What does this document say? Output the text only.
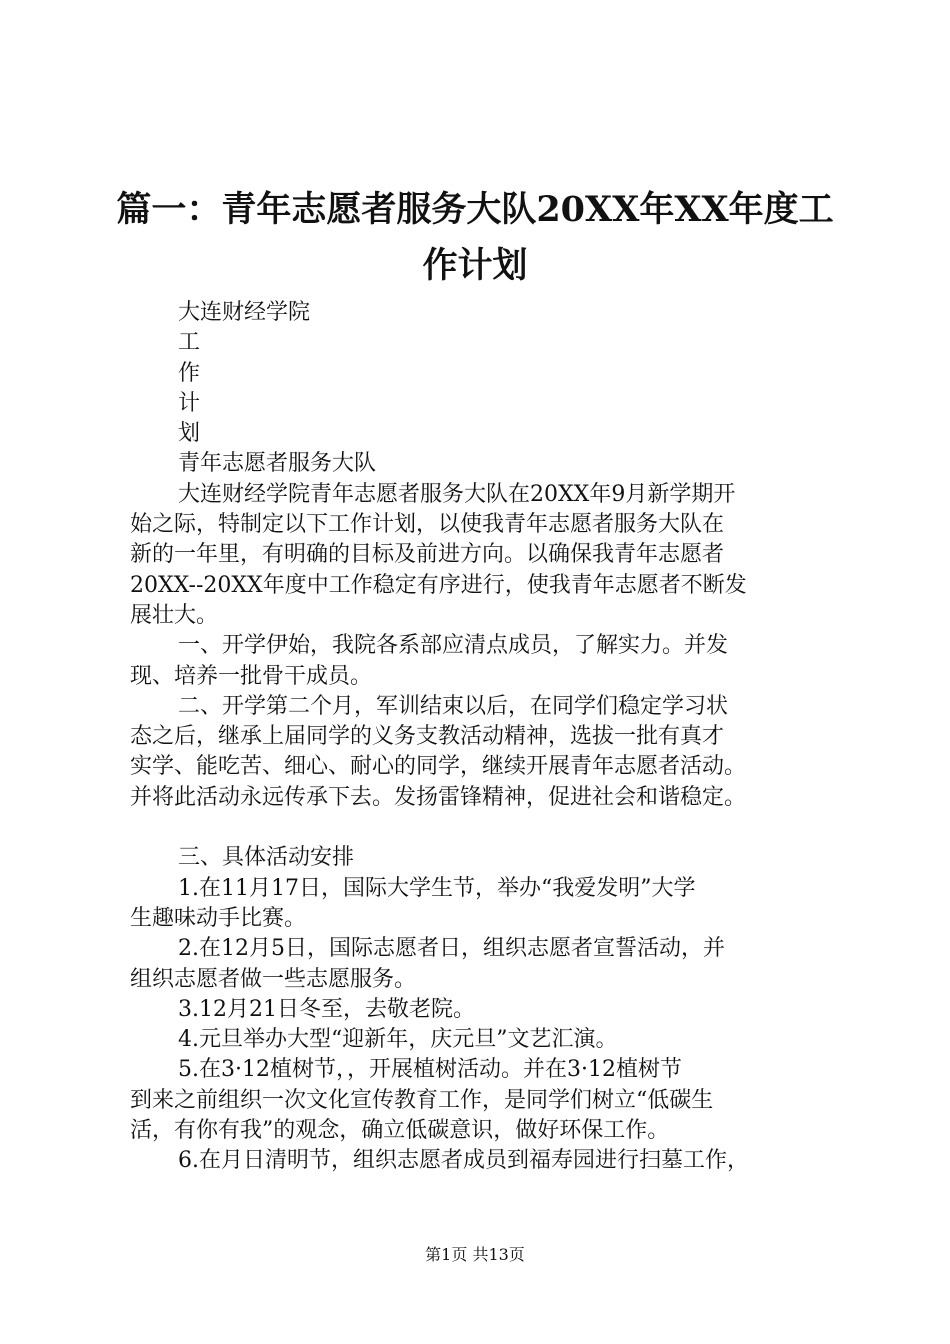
篇一：青年志愿者服务大队20XX年XX年度工
作计划
大连财经学院
工
作
计
划
青年志愿者服务大队
大连财经学院青年志愿者服务大队在20XX年9月新学期开
始之际，特制定以下工作计划，以使我青年志愿者服务大队在
新的一年里，有明确的目标及前进方向。以确保我青年志愿者
20XX--20XX年度中工作稳定有序进行，使我青年志愿者不断发
展壮大。
一、开学伊始，我院各系部应清点成员，了解实力。并发
现、培养一批骨干成员。
二、开学第二个月，军训结束以后，在同学们稳定学习状
态之后，继承上届同学的义务支教活动精神，选拔一批有真才
实学、能吃苦、细心、耐心的同学，继续开展青年志愿者活动。
并将此活动永远传承下去。发扬雷锋精神，促进社会和谐稳定。
三、具体活动安排
1.在11月17日，国际大学生节，举办“我爱发明”大学
生趣味动手比赛。
2.在12月5日，国际志愿者日，组织志愿者宣誓活动，并
组织志愿者做一些志愿服务。
3.12月21日冬至，去敬老院。
4.元旦举办大型“迎新年，庆元旦”文艺汇演。
5.在3·12植树节，，开展植树活动。并在3·12植树节
到来之前组织一次文化宣传教育工作，是同学们树立“低碳生
活，有你有我”的观念，确立低碳意识，做好环保工作。
6.在月日清明节，组织志愿者成员到福寿园进行扫墓工作，
第1页 共13页
